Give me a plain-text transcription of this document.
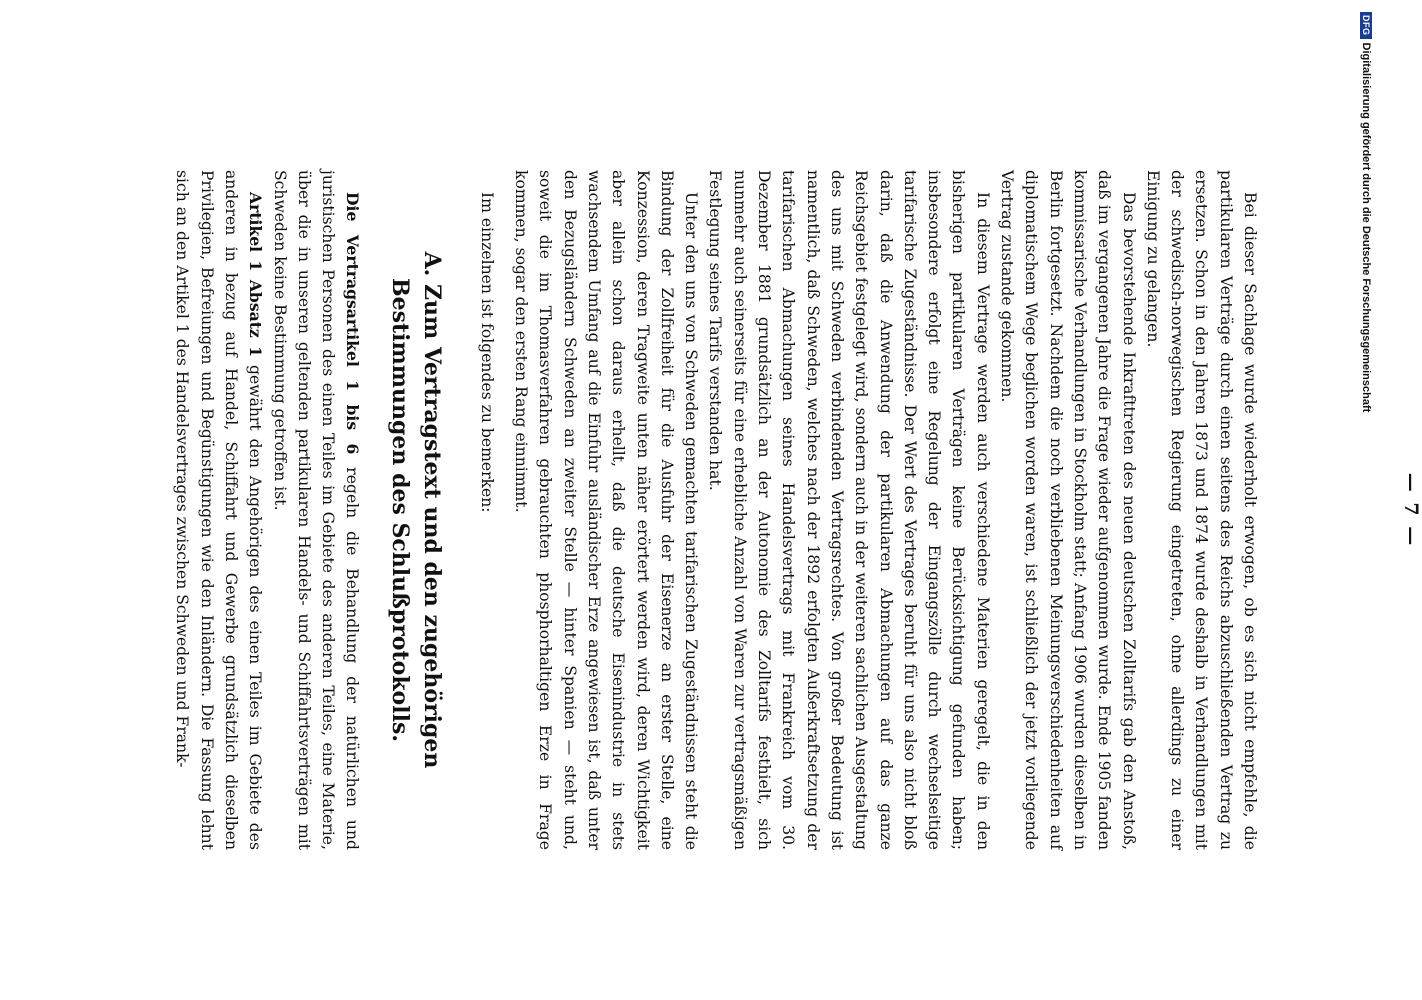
— 7 —

Bei dieser Sachlage wurde wiederholt erwogen, ob es sich nicht empfehle, die partikularen Verträge durch einen seitens des Reichs abzuschließenden Vertrag zu ersetzen. Schon in den Jahren 1873 und 1874 wurde deshalb in Verhandlungen mit der schwedisch-norwegischen Regierung eingetreten, ohne allerdings zu einer Einigung zu gelangen.

Das bevorstehende Inkrafttreten des neuen deutschen Zolltarifs gab den Anstoß, daß im vergangenen Jahre die Frage wieder aufgenommen wurde. Ende 1905 fanden kommissarische Verhandlungen in Stockholm statt; Anfang 1906 wurden dieselben in Berlin fortgesetzt. Nachdem die noch verbliebenen Meinungsverschiedenheiten auf diplomatischem Wege beglichen worden waren, ist schließlich der jetzt vorliegende Vertrag zustande gekommen.

In diesem Vertrage werden auch verschiedene Materien geregelt, die in den bisherigen partikularen Verträgen keine Berücksichtigung gefunden haben; insbesondere erfolgt eine Regelung der Eingangszölle durch wechselseitige tarifarische Zugeständnisse. Der Wert des Vertrages beruht für uns also nicht bloß darin, daß die Anwendung der partikularen Abmachungen auf das ganze Reichsgebiet festgelegt wird, sondern auch in der weiteren sachlichen Ausgestaltung des uns mit Schweden verbindenden Vertragsrechtes. Von großer Bedeutung ist namentlich, daß Schweden, welches nach der 1892 erfolgten Außerkraftsetzung der tarifarischen Abmachungen seines Handelsvertrags mit Frankreich vom 30. Dezember 1881 grundsätzlich an der Autonomie des Zolltarifs festhielt, sich nunmehr auch seinerseits für eine erhebliche Anzahl von Waren zur vertragsmäßigen Festlegung seines Tarifs verstanden hat.

Unter den uns von Schweden gemachten tarifarischen Zugeständnissen steht die Bindung der Zollfreiheit für die Ausfuhr der Eisenerze an erster Stelle, eine Konzession, deren Tragweite unten näher erörtert werden wird, deren Wichtigkeit aber allein schon daraus erhellt, daß die deutsche Eisenindustrie in stets wachsendem Umfang auf die Einfuhr ausländischer Erze angewiesen ist, daß unter den Bezugsländern Schweden an zweiter Stelle — hinter Spanien — steht und, soweit die im Thomasverfahren gebrauchten phosphorhaltigen Erze in Frage kommen, sogar den ersten Rang einnimmt.

Im einzelnen ist folgendes zu bemerken:

A. Zum Vertragstext und den zugehörigen Bestimmungen des Schlußprotokolls.

Die Vertragsartikel 1 bis 6 regeln die Behandlung der natürlichen und juristischen Personen des einen Teiles im Gebiete des anderen Teiles, eine Materie, über die in unseren geltenden partikularen Handels- und Schiffahrtsverträgen mit Schweden keine Bestimmung getroffen ist.

Artikel 1 Absatz 1 gewährt den Angehörigen des einen Teiles im Gebiete des anderen in bezug auf Handel, Schiffahrt und Gewerbe grundsätzlich dieselben Privilegien, Befreiungen und Begünstigungen wie den Inländern. Die Fassung lehnt sich an den Artikel 1 des Handelsvertrages zwischen Schweden und Frank-

DFGDigitalisierung gefördert durch die Deutsche Forschungsgemeinschaft
